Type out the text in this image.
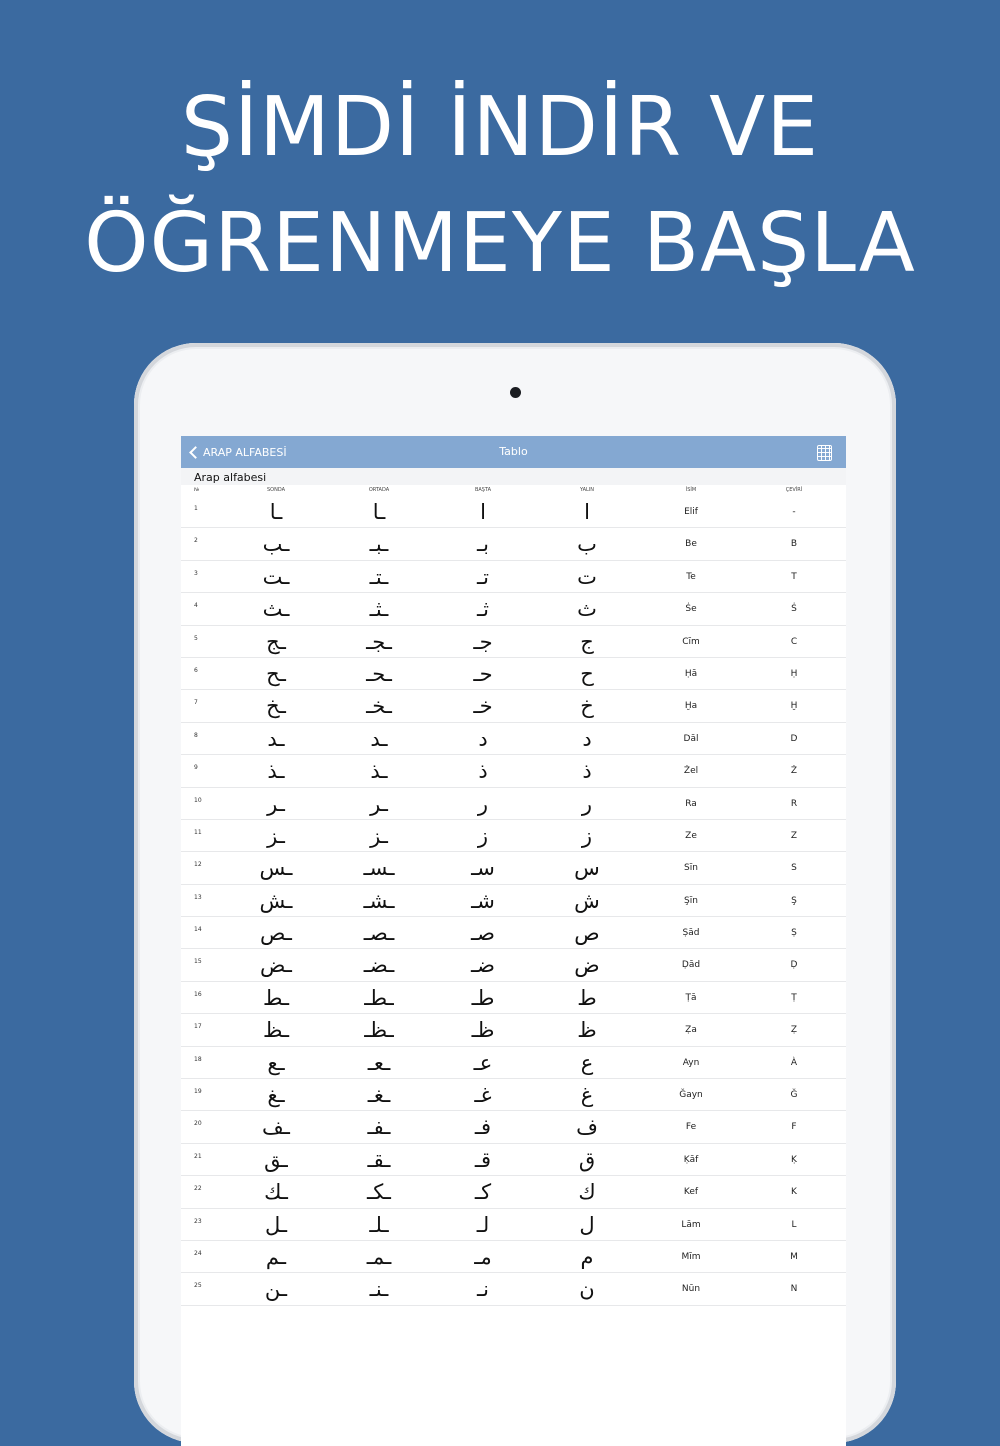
ŞİMDİ İNDİR VE
ÖĞRENMEYE BAŞLA
ARAP ALFABESİ	Tablo
Arap alfabesi
№	SONDA	ORTADA	BAŞTA	YALIN	İSİM	ÇEVİRİ
1	ـا	ـا	ا	ا	Elif	-
2	ـب	ـبـ	بـ	ب	Be	B
3	ـت	ـتـ	تـ	ت	Te	T
4	ـث	ـثـ	ثـ	ث	Ṡe	Ṡ
5	ـج	ـجـ	جـ	ج	Cīm	C
6	ـح	ـحـ	حـ	ح	Ḥā	Ḥ
7	ـخ	ـخـ	خـ	خ	Ḫa	Ḫ
8	ـد	ـد	د	د	Dāl	D
9	ـذ	ـذ	ذ	ذ	Żel	Ż
10	ـر	ـر	ر	ر	Ra	R
11	ـز	ـز	ز	ز	Ze	Z
12	ـس	ـسـ	سـ	س	Sīn	S
13	ـش	ـشـ	شـ	ش	Şīn	Ş
14	ـص	ـصـ	صـ	ص	Ṣād	Ṣ
15	ـض	ـضـ	ضـ	ض	Ḍād	Ḍ
16	ـط	ـطـ	طـ	ط	Ṭā	Ṭ
17	ـظ	ـظـ	ظـ	ظ	Ẓa	Ẓ
18	ـع	ـعـ	عـ	ع	Ayn	À
19	ـغ	ـغـ	غـ	غ	Ğayn	Ğ
20	ـف	ـفـ	فـ	ف	Fe	F
21	ـق	ـقـ	قـ	ق	Ḳāf	Ḳ
22	ـك	ـكـ	كـ	ك	Kef	K
23	ـل	ـلـ	لـ	ل	Lām	L
24	ـم	ـمـ	مـ	م	Mīm	M
25	ـن	ـنـ	نـ	ن	Nūn	N
